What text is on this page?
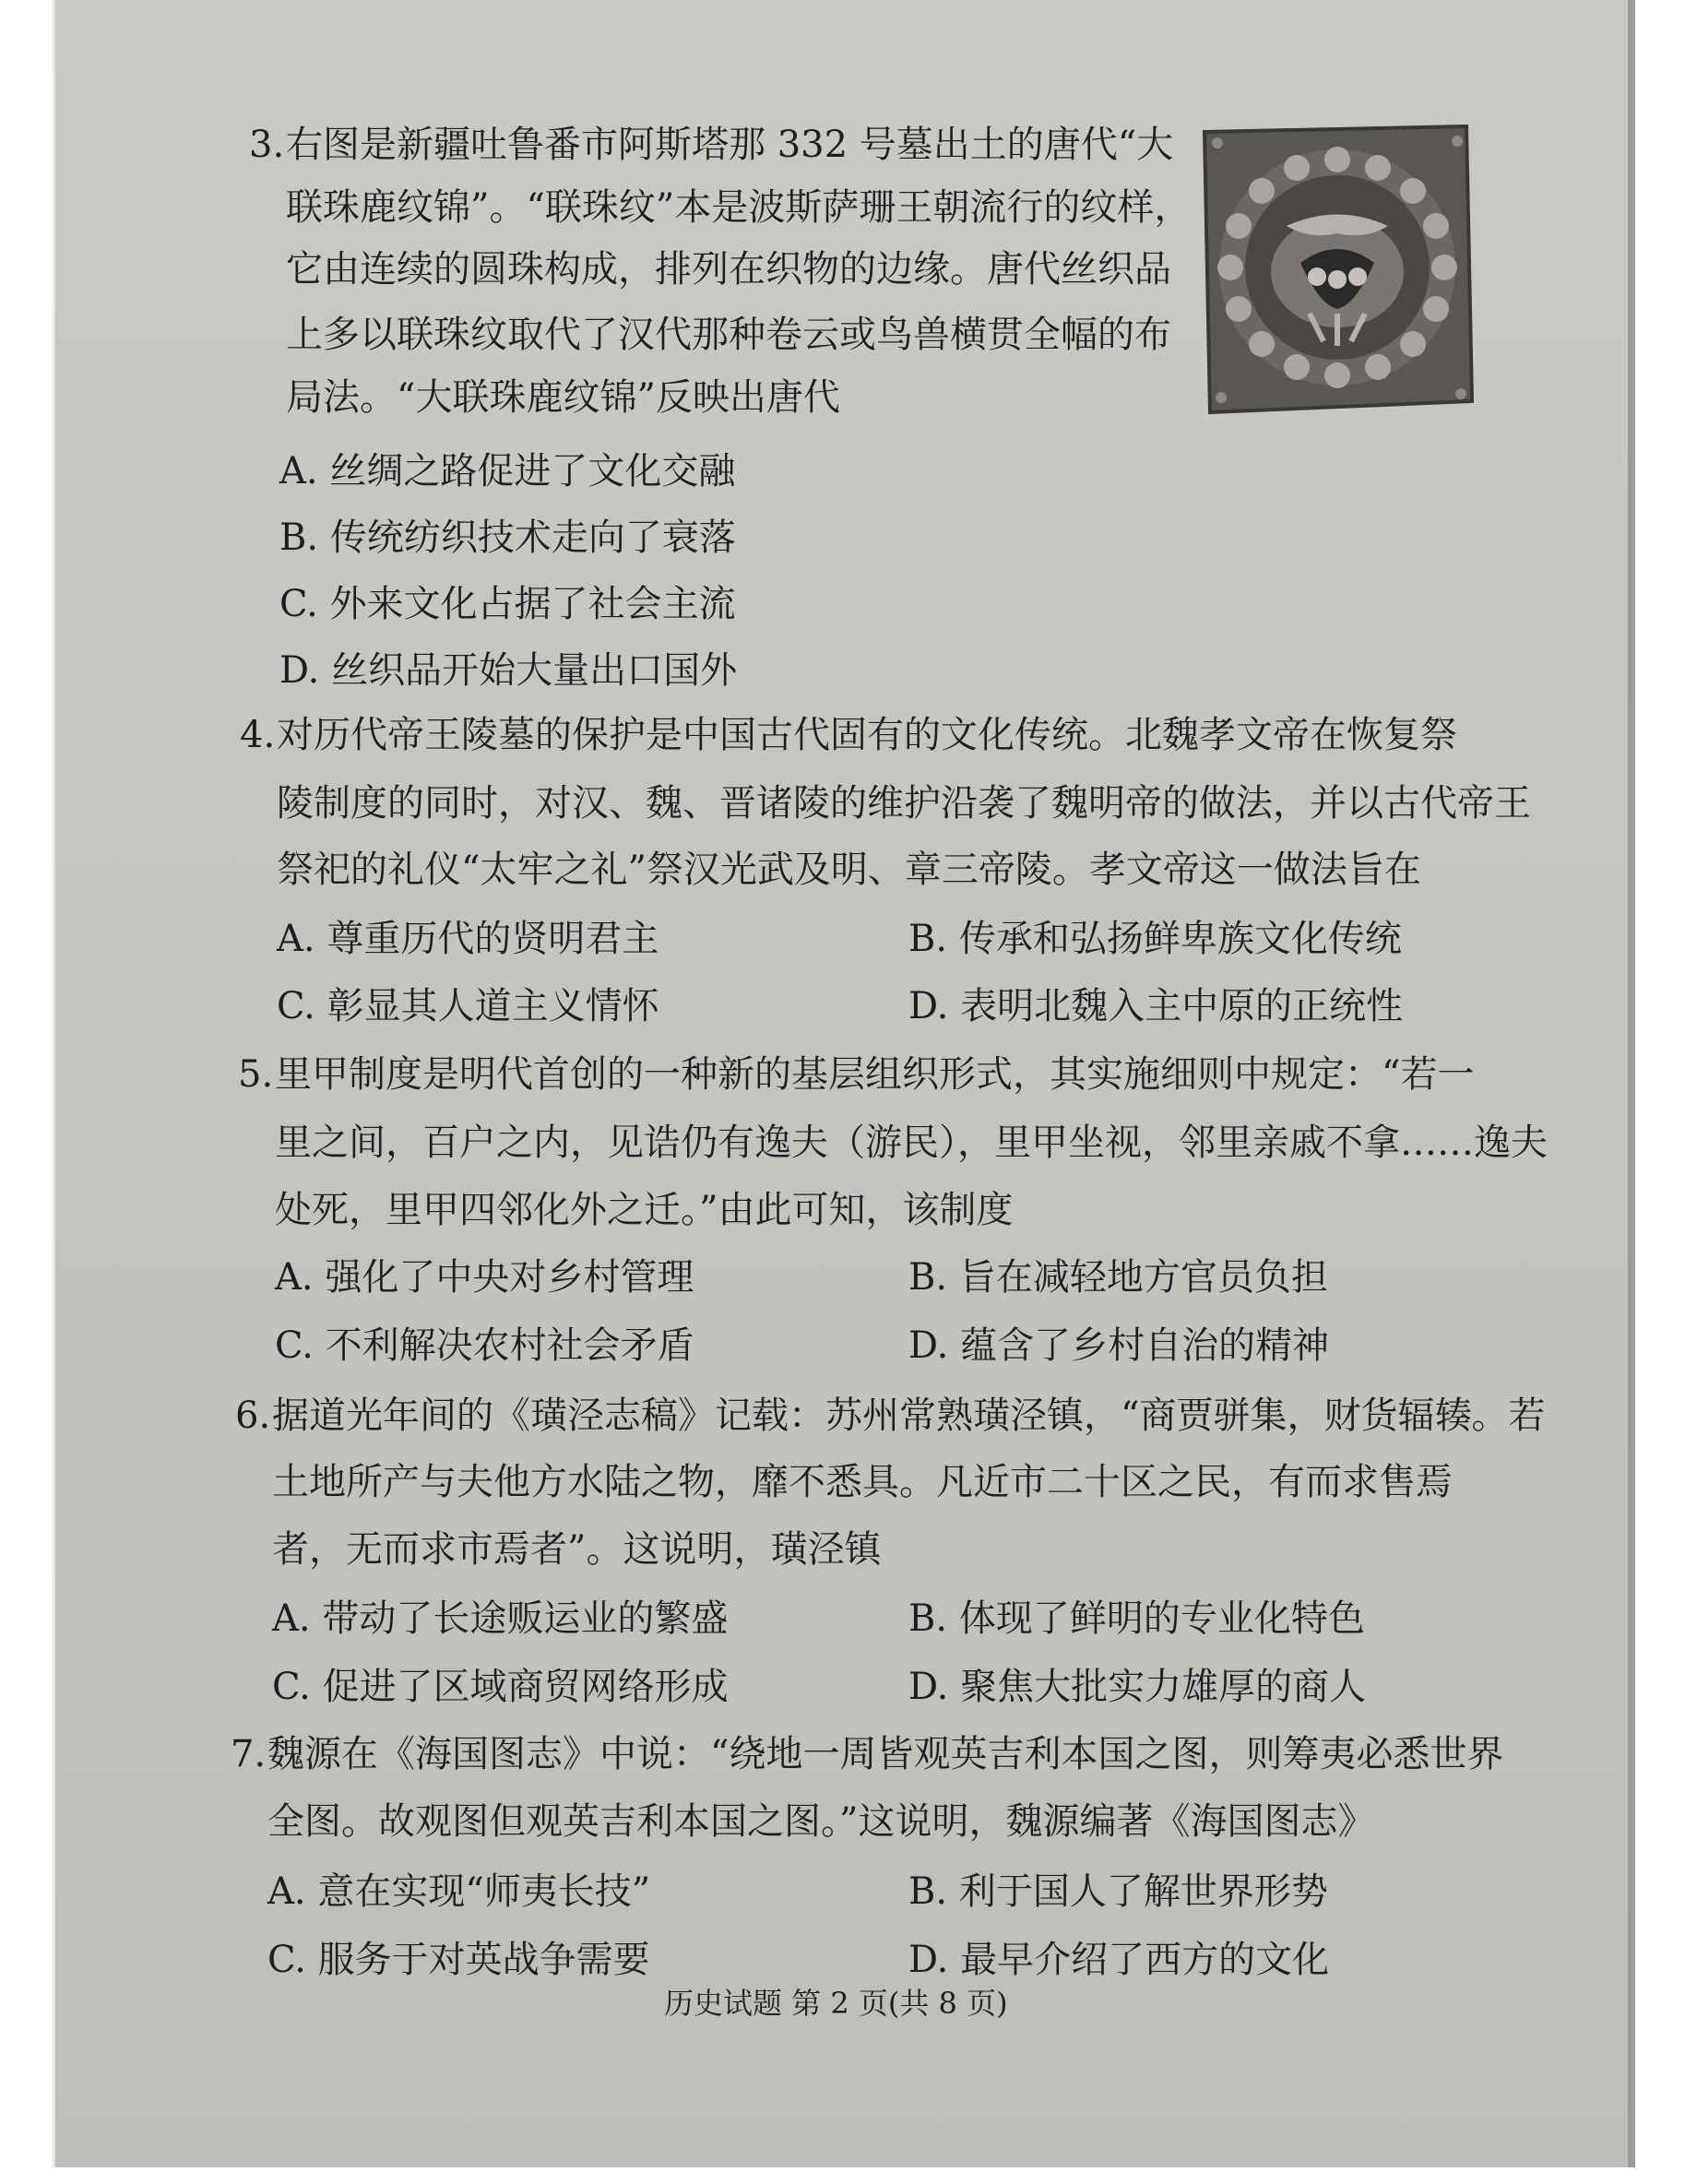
3. 右图是新疆吐鲁番市阿斯塔那 332 号墓出土的唐代“大
联珠鹿纹锦”。“联珠纹”本是波斯萨珊王朝流行的纹样，
它由连续的圆珠构成，排列在织物的边缘。唐代丝织品
上多以联珠纹取代了汉代那种卷云或鸟兽横贯全幅的布
局法。“大联珠鹿纹锦”反映出唐代
A. 丝绸之路促进了文化交融
B. 传统纺织技术走向了衰落
C. 外来文化占据了社会主流
D. 丝织品开始大量出口国外
4. 对历代帝王陵墓的保护是中国古代固有的文化传统。北魏孝文帝在恢复祭
陵制度的同时，对汉、魏、晋诸陵的维护沿袭了魏明帝的做法，并以古代帝王
祭祀的礼仪“太牢之礼”祭汉光武及明、章三帝陵。孝文帝这一做法旨在
A. 尊重历代的贤明君主	B. 传承和弘扬鲜卑族文化传统
C. 彰显其人道主义情怀	D. 表明北魏入主中原的正统性
5. 里甲制度是明代首创的一种新的基层组织形式，其实施细则中规定：“若一
里之间，百户之内，见诰仍有逸夫（游民），里甲坐视，邻里亲戚不拿……逸夫
处死，里甲四邻化外之迁。”由此可知，该制度
A. 强化了中央对乡村管理	B. 旨在减轻地方官员负担
C. 不利解决农村社会矛盾	D. 蕴含了乡村自治的精神
6. 据道光年间的《璜泾志稿》记载：苏州常熟璜泾镇，“商贾骈集，财货辐辏。若
土地所产与夫他方水陆之物，靡不悉具。凡近市二十区之民，有而求售焉
者，无而求市焉者”。这说明，璜泾镇
A. 带动了长途贩运业的繁盛	B. 体现了鲜明的专业化特色
C. 促进了区域商贸网络形成	D. 聚焦大批实力雄厚的商人
7. 魏源在《海国图志》中说：“绕地一周皆观英吉利本国之图，则筹夷必悉世界
全图。故观图但观英吉利本国之图。”这说明，魏源编著《海国图志》
A. 意在实现“师夷长技”	B. 利于国人了解世界形势
C. 服务于对英战争需要	D. 最早介绍了西方的文化
历史试题 第 2 页(共 8 页)
